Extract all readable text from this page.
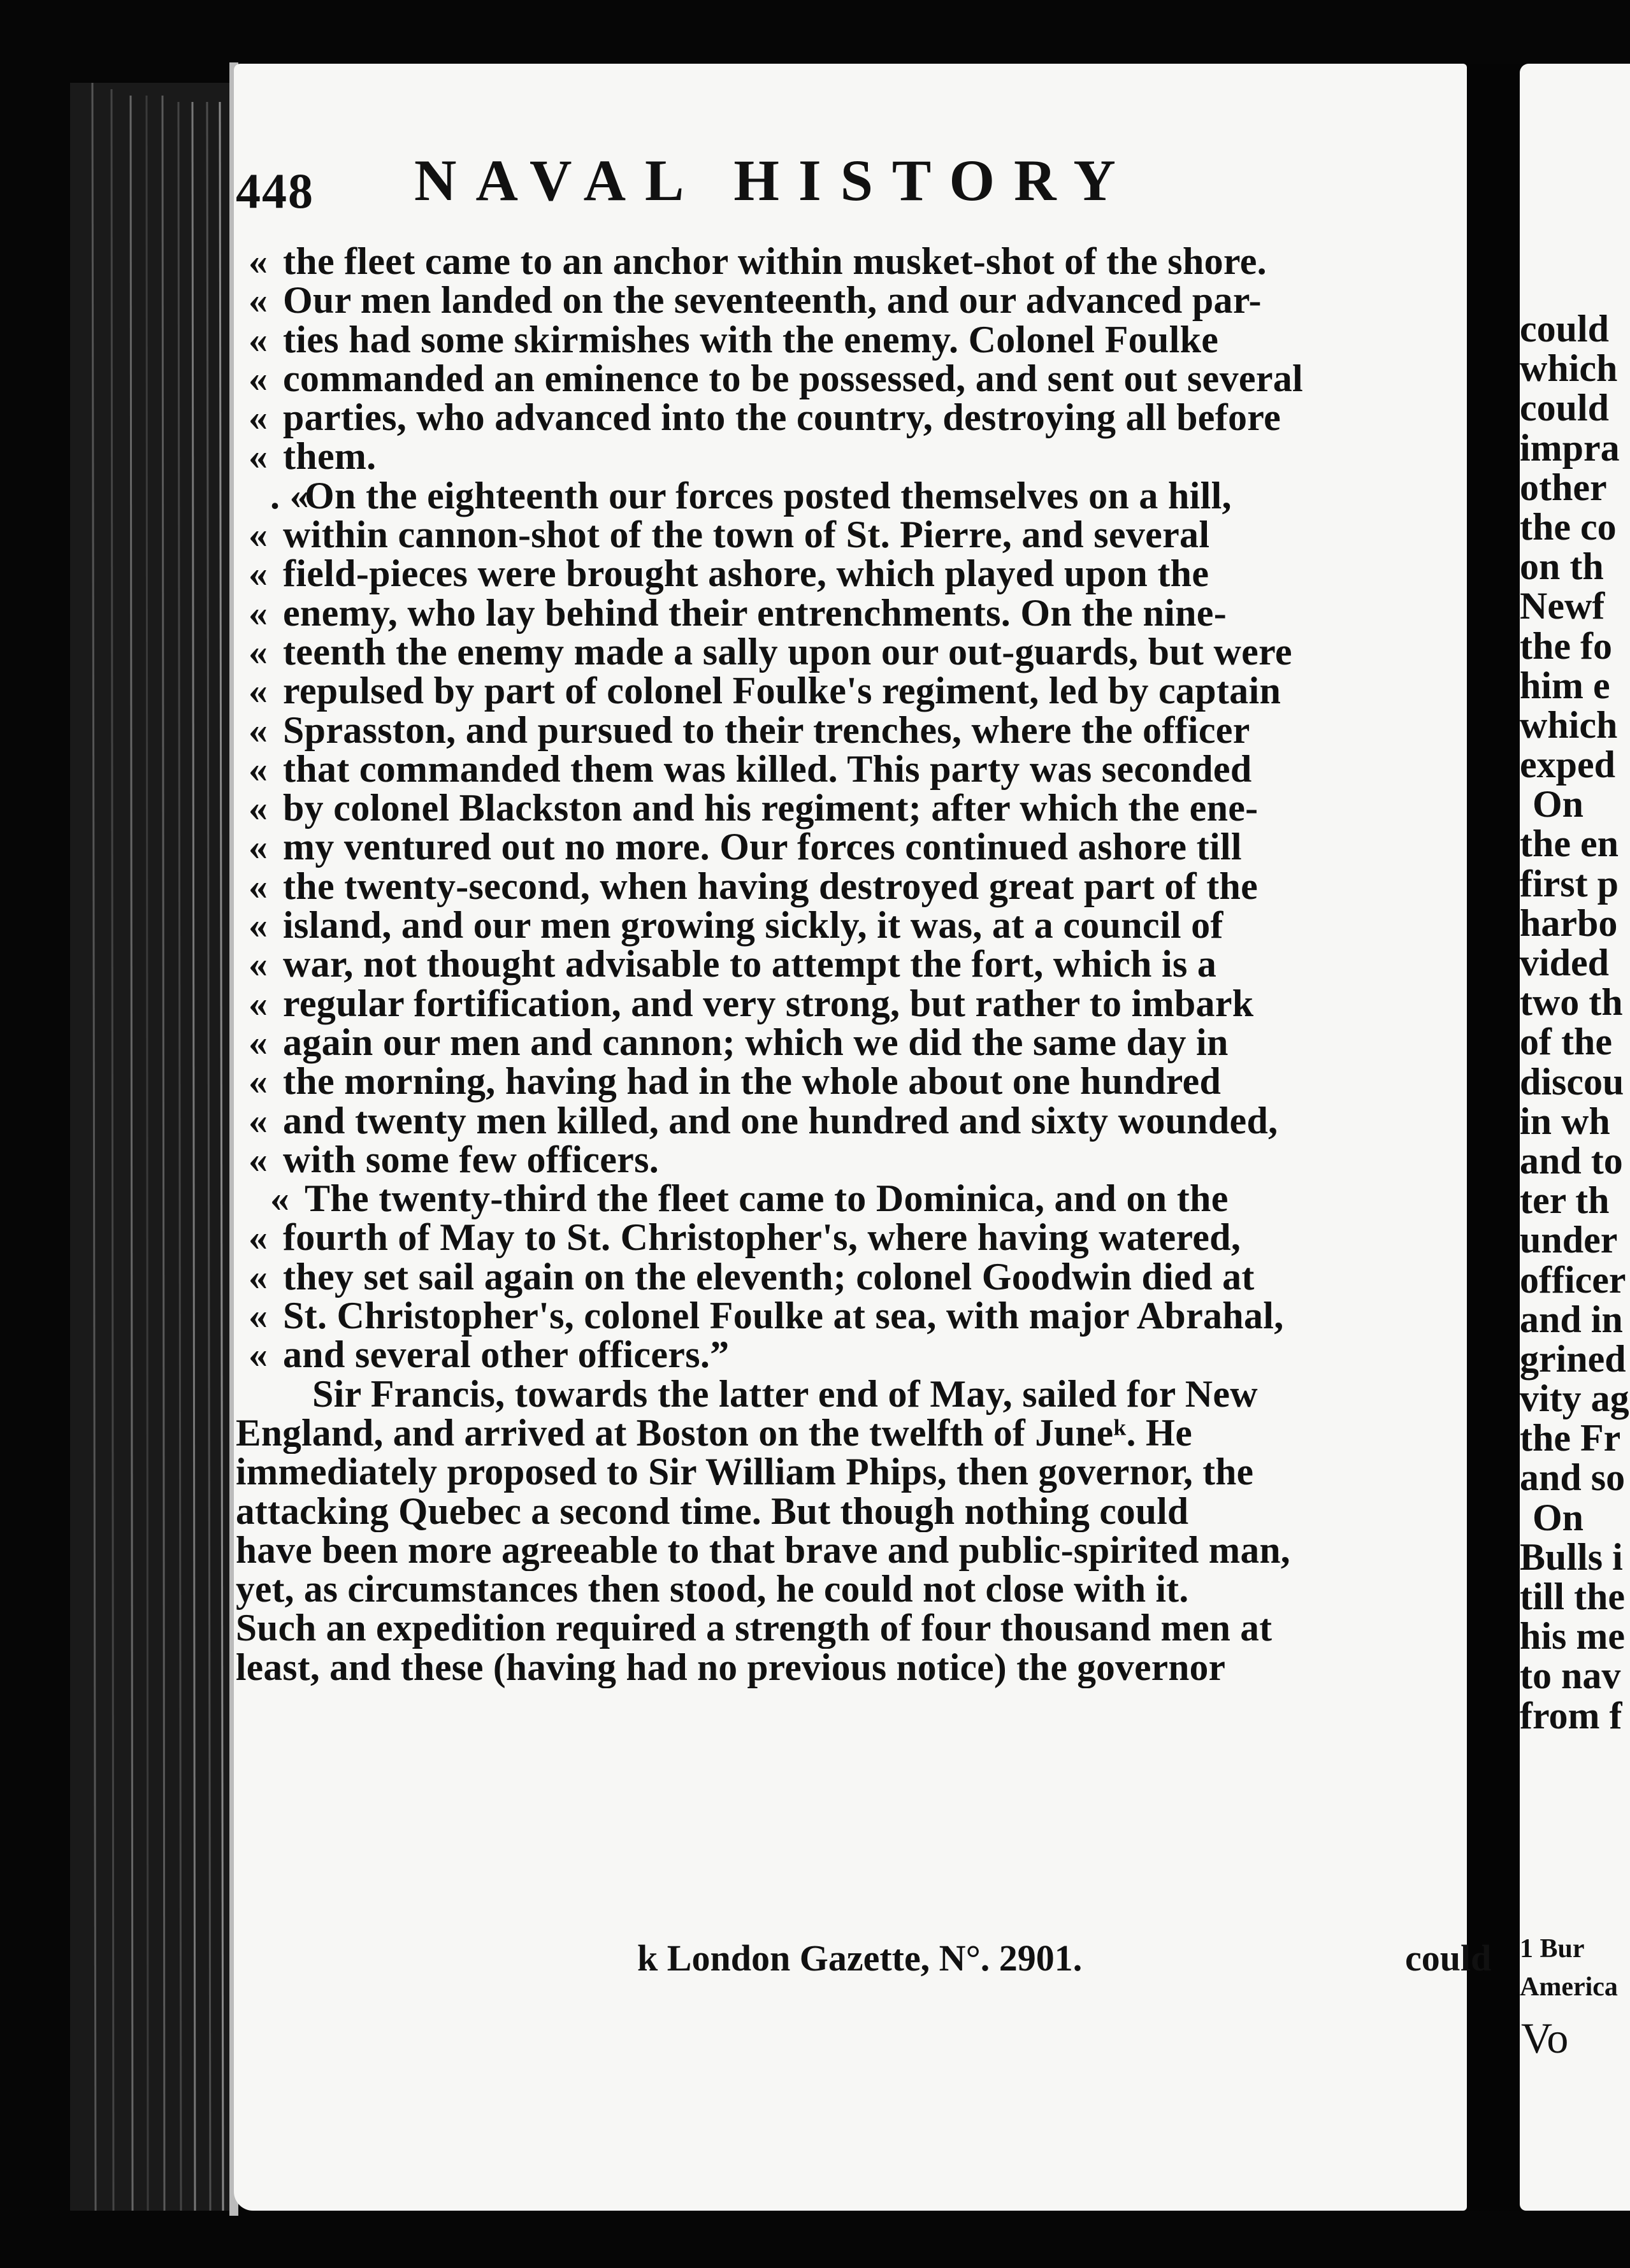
448 NAVAL HISTORY
« the fleet came to an anchor within musket-shot of the shore.
« Our men landed on the seventeenth, and our advanced par-
« ties had some skirmishes with the enemy. Colonel Foulke
« commanded an eminence to be possessed, and sent out several
« parties, who advanced into the country, destroying all before
« them.
. «On the eighteenth our forces posted themselves on a hill,
« within cannon-shot of the town of St. Pierre, and several
« field-pieces were brought ashore, which played upon the
« enemy, who lay behind their entrenchments. On the nine-
« teenth the enemy made a sally upon our out-guards, but were
« repulsed by part of colonel Foulke's regiment, led by captain
« Sprasston, and pursued to their trenches, where the officer
« that commanded them was killed. This party was seconded
« by colonel Blackston and his regiment; after which the ene-
« my ventured out no more. Our forces continued ashore till
« the twenty-second, when having destroyed great part of the
« island, and our men growing sickly, it was, at a council of
« war, not thought advisable to attempt the fort, which is a
« regular fortification, and very strong, but rather to imbark
« again our men and cannon; which we did the same day in
« the morning, having had in the whole about one hundred
« and twenty men killed, and one hundred and sixty wounded,
« with some few officers.
« The twenty-third the fleet came to Dominica, and on the
« fourth of May to St. Christopher's, where having watered,
« they set sail again on the eleventh; colonel Goodwin died at
« St. Christopher's, colonel Foulke at sea, with major Abrahal,
« and several other officers.”
Sir Francis, towards the latter end of May, sailed for New
England, and arrived at Boston on the twelfth of Juneᵏ. He
immediately proposed to Sir William Phips, then governor, the
attacking Quebec a second time. But though nothing could
have been more agreeable to that brave and public-spirited man,
yet, as circumstances then stood, he could not close with it.
Such an expedition required a strength of four thousand men at
least, and these (having had no previous notice) the governor
k London Gazette, N°. 2901.	could
could
which
could
impra
other
the co
on th
Newf
the fo
him e
which
exped
On
the en
first p
harbo
vided
two th
of the
discou
in wh
and to
ter th
under
officer
and in
grined
vity ag
the Fr
and so
On
Bulls i
till the
his me
to nav
from f
1 Bur
America
Vo
